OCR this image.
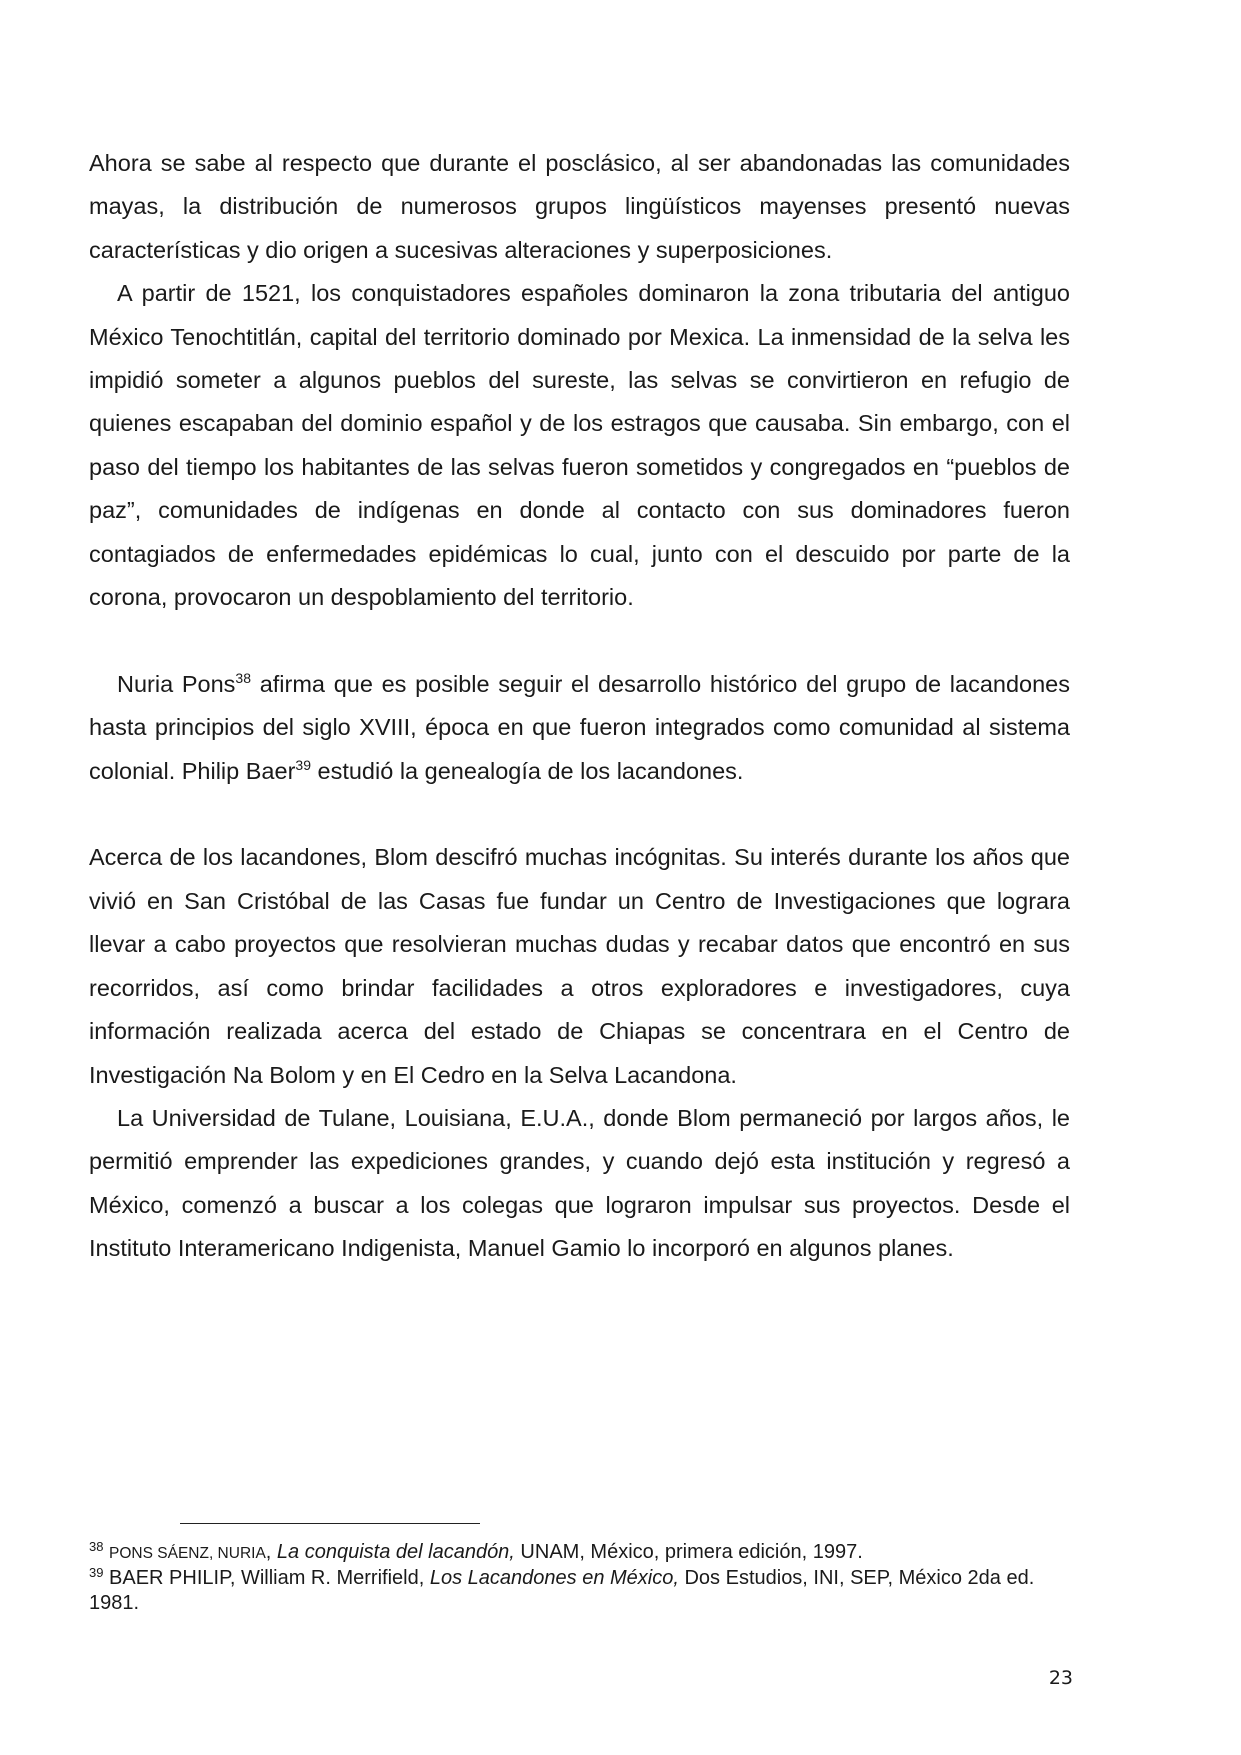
Ahora se sabe al respecto que durante el posclásico, al ser abandonadas las comunidades mayas, la distribución de numerosos grupos lingüísticos mayenses presentó nuevas características y dio origen a sucesivas alteraciones y superposiciones.

A partir de 1521, los conquistadores españoles dominaron la zona tributaria del antiguo México Tenochtitlán, capital del territorio dominado por Mexica. La inmensidad de la selva les impidió someter a algunos pueblos del sureste, las selvas se convirtieron en refugio de quienes escapaban del dominio español y de los estragos que causaba. Sin embargo, con el paso del tiempo los habitantes de las selvas fueron sometidos y congregados en “pueblos de paz”, comunidades de indígenas en donde al contacto con sus dominadores fueron contagiados de enfermedades epidémicas lo cual, junto con el descuido por parte de la corona, provocaron un despoblamiento del territorio.

Nuria Pons$^{38}$ afirma que es posible seguir el desarrollo histórico del grupo de lacandones hasta principios del siglo XVIII, época en que fueron integrados como comunidad al sistema colonial. Philip Baer$^{39}$ estudió la genealogía de los lacandones.

Acerca de los lacandones, Blom descifró muchas incógnitas. Su interés durante los años que vivió en San Cristóbal de las Casas fue fundar un Centro de Investigaciones que lograra llevar a cabo proyectos que resolvieran muchas dudas y recabar datos que encontró en sus recorridos, así como brindar facilidades a otros exploradores e investigadores, cuya información realizada acerca del estado de Chiapas se concentrara en el Centro de Investigación Na Bolom y en El Cedro en la Selva Lacandona.

La Universidad de Tulane, Louisiana, E.U.A., donde Blom permaneció por largos años, le permitió emprender las expediciones grandes, y cuando dejó esta institución y regresó a México, comenzó a buscar a los colegas que lograron impulsar sus proyectos. Desde el Instituto Interamericano Indigenista, Manuel Gamio lo incorporó en algunos planes.

$^{38}$ PONS SÁENZ, NURIA, La conquista del lacandón, UNAM, México, primera edición, 1997.

$^{39}$ BAER PHILIP, William R. Merrifield, Los Lacandones en México, Dos Estudios, INI, SEP, México 2da ed. 1981.

23
